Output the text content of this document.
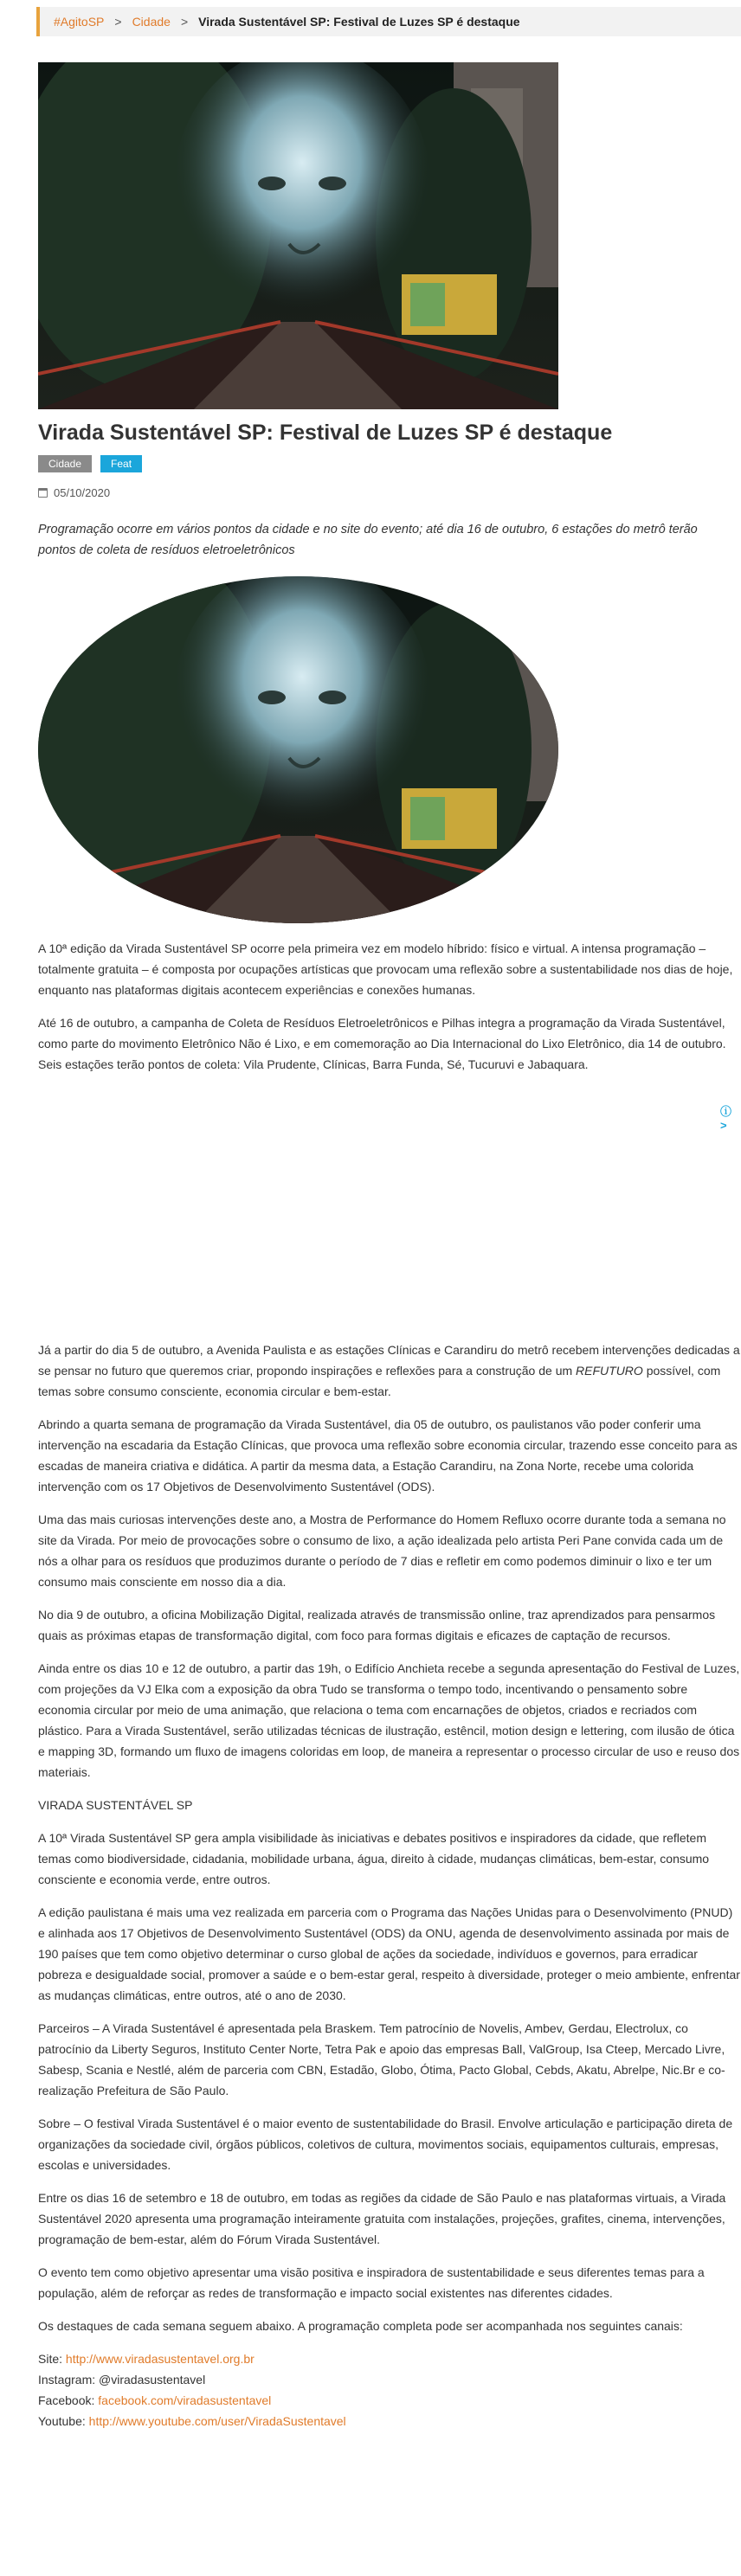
#AgitoSP > Cidade > Virada Sustentável SP: Festival de Luzes SP é destaque
Virada Sustentável SP: Festival de Luzes SP é destaque
Cidade	Feat
05/10/2020

Programação ocorre em vários pontos da cidade e no site do evento; até dia 16 de outubro, 6 estações do metrô terão pontos de coleta de resíduos eletroeletrônicos

A 10ª edição da Virada Sustentável SP ocorre pela primeira vez em modelo híbrido: físico e virtual. A intensa programação – totalmente gratuita – é composta por ocupações artísticas que provocam uma reflexão sobre a sustentabilidade nos dias de hoje, enquanto nas plataformas digitais acontecem experiências e conexões humanas.

Até 16 de outubro, a campanha de Coleta de Resíduos Eletroeletrônicos e Pilhas integra a programação da Virada Sustentável, como parte do movimento Eletrônico Não é Lixo, e em comemoração ao Dia Internacional do Lixo Eletrônico, dia 14 de outubro. Seis estações terão pontos de coleta: Vila Prudente, Clínicas, Barra Funda, Sé, Tucuruvi e Jabaquara.

ⓘ >

Já a partir do dia 5 de outubro, a Avenida Paulista e as estações Clínicas e Carandiru do metrô recebem intervenções dedicadas a se pensar no futuro que queremos criar, propondo inspirações e reflexões para a construção de um REFUTURO possível, com temas sobre consumo consciente, economia circular e bem-estar.

Abrindo a quarta semana de programação da Virada Sustentável, dia 05 de outubro, os paulistanos vão poder conferir uma intervenção na escadaria da Estação Clínicas, que provoca uma reflexão sobre economia circular, trazendo esse conceito para as escadas de maneira criativa e didática. A partir da mesma data, a Estação Carandiru, na Zona Norte, recebe uma colorida intervenção com os 17 Objetivos de Desenvolvimento Sustentável (ODS).

Uma das mais curiosas intervenções deste ano, a Mostra de Performance do Homem Refluxo ocorre durante toda a semana no site da Virada. Por meio de provocações sobre o consumo de lixo, a ação idealizada pelo artista Peri Pane convida cada um de nós a olhar para os resíduos que produzimos durante o período de 7 dias e refletir em como podemos diminuir o lixo e ter um consumo mais consciente em nosso dia a dia.

No dia 9 de outubro, a oficina Mobilização Digital, realizada através de transmissão online, traz aprendizados para pensarmos quais as próximas etapas de transformação digital, com foco para formas digitais e eficazes de captação de recursos.

Ainda entre os dias 10 e 12 de outubro, a partir das 19h, o Edifício Anchieta recebe a segunda apresentação do Festival de Luzes, com projeções da VJ Elka com a exposição da obra Tudo se transforma o tempo todo, incentivando o pensamento sobre economia circular por meio de uma animação, que relaciona o tema com encarnações de objetos, criados e recriados com plástico. Para a Virada Sustentável, serão utilizadas técnicas de ilustração, estêncil, motion design e lettering, com ilusão de ótica e mapping 3D, formando um fluxo de imagens coloridas em loop, de maneira a representar o processo circular de uso e reuso dos materiais.

VIRADA SUSTENTÁVEL SP

A 10ª Virada Sustentável SP gera ampla visibilidade às iniciativas e debates positivos e inspiradores da cidade, que refletem temas como biodiversidade, cidadania, mobilidade urbana, água, direito à cidade, mudanças climáticas, bem-estar, consumo consciente e economia verde, entre outros.

A edição paulistana é mais uma vez realizada em parceria com o Programa das Nações Unidas para o Desenvolvimento (PNUD) e alinhada aos 17 Objetivos de Desenvolvimento Sustentável (ODS) da ONU, agenda de desenvolvimento assinada por mais de 190 países que tem como objetivo determinar o curso global de ações da sociedade, indivíduos e governos, para erradicar pobreza e desigualdade social, promover a saúde e o bem-estar geral, respeito à diversidade, proteger o meio ambiente, enfrentar as mudanças climáticas, entre outros, até o ano de 2030.

Parceiros – A Virada Sustentável é apresentada pela Braskem. Tem patrocínio de Novelis, Ambev, Gerdau, Electrolux, co patrocínio da Liberty Seguros, Instituto Center Norte, Tetra Pak e apoio das empresas Ball, ValGroup, Isa Cteep, Mercado Livre, Sabesp, Scania e Nestlé, além de parceria com CBN, Estadão, Globo, Ótima, Pacto Global, Cebds, Akatu, Abrelpe, Nic.Br e co-realização Prefeitura de São Paulo.

Sobre – O festival Virada Sustentável é o maior evento de sustentabilidade do Brasil. Envolve articulação e participação direta de organizações da sociedade civil, órgãos públicos, coletivos de cultura, movimentos sociais, equipamentos culturais, empresas, escolas e universidades.

Entre os dias 16 de setembro e 18 de outubro, em todas as regiões da cidade de São Paulo e nas plataformas virtuais, a Virada Sustentável 2020 apresenta uma programação inteiramente gratuita com instalações, projeções, grafites, cinema, intervenções, programação de bem-estar, além do Fórum Virada Sustentável.

O evento tem como objetivo apresentar uma visão positiva e inspiradora de sustentabilidade e seus diferentes temas para a população, além de reforçar as redes de transformação e impacto social existentes nas diferentes cidades.

Os destaques de cada semana seguem abaixo. A programação completa pode ser acompanhada nos seguintes canais:

Site: http://www.viradasustentavel.org.br
Instagram: @viradasustentavel
Facebook: facebook.com/viradasustentavel
Youtube: http://www.youtube.com/user/ViradaSustentavel
